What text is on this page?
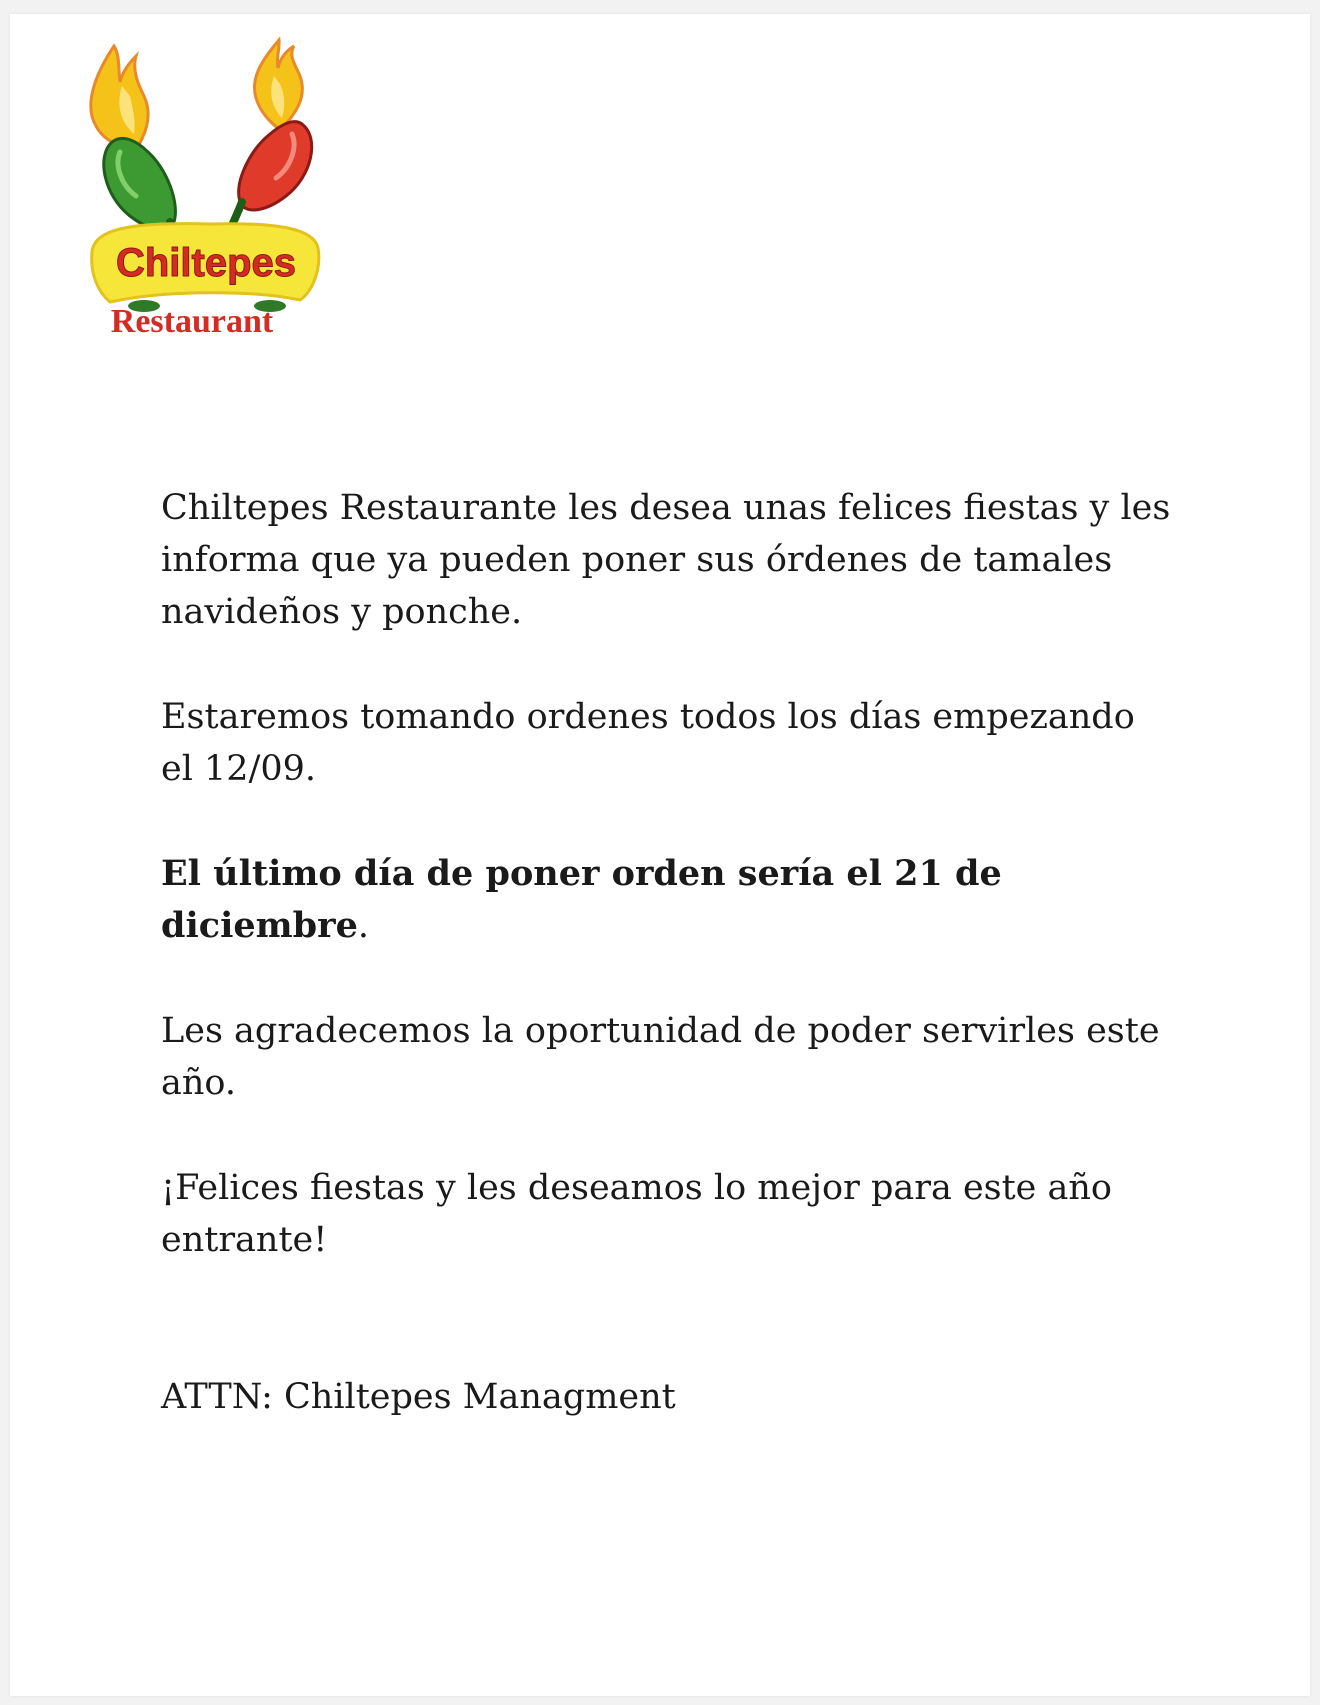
Chiltepes
Restaurant

Chiltepes Restaurante les desea unas felices fiestas y les informa que ya pueden poner sus órdenes de tamales navideños y ponche.

Estaremos tomando ordenes todos los días empezando el 12/09.

El último día de poner orden sería el 21 de diciembre.

Les agradecemos la oportunidad de poder servirles este año.

¡Felices fiestas y les deseamos lo mejor para este año entrante!

ATTN: Chiltepes Managment
